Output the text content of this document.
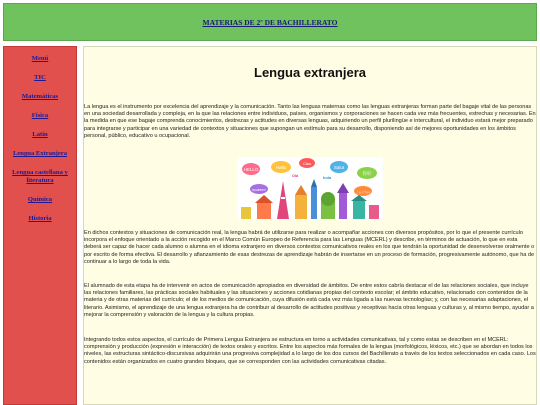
MATERIAS DE 2º DE BACHILLERATO
Menú
TIC
Matemáticas
Física
Latín
Lengua Extranjera
Lengua castellana y literatura
Química
Historia
Lengua extranjera

La lengua es el instrumento por excelencia del aprendizaje y la comunicación. Tanto las lenguas maternas como las lenguas extranjeras forman parte del bagaje vital de las personas en una sociedad desarrollada y compleja, en la que las relaciones entre individuos, países, organismos y corporaciones se hacen cada vez más frecuentes, estrechas y necesarias. En la medida en que ese bagaje comprenda conocimientos, destrezas y actitudes en diversas lenguas, adquiriendo un perfil plurilingüe e intercultural, el individuo estará mejor preparado para integrarse y participar en una variedad de contextos y situaciones que supongan un estímulo para su desarrollo, disponiendo así de mejores oportunidades en los ámbitos personal, público, educativo u ocupacional.

HELLO	Hallo
Ciao
Salut
你好
привет	こんにちは
Olá	hola

En dichos contextos y situaciones de comunicación real, la lengua habrá de utilizarse para realizar o acompañar acciones con diversos propósitos, por lo que el presente currículo incorpora el enfoque orientado a la acción recogido en el Marco Común Europeo de Referencia para las Lenguas (MCERL) y describe, en términos de actuación, lo que en esta deberá ser capaz de hacer cada alumno o alumna en el idioma extranjero en diversos contextos comunicativos reales en los que tendrán la oportunidad de desenvolverse oralmente o por escrito de forma efectiva. El desarrollo y afianzamiento de esas destrezas de aprendizaje habrán de insertarse en un proceso de formación, progresivamente autónomo, que ha de continuar a lo largo de toda la vida.

El alumnado de esta etapa ha de intervenir en actos de comunicación apropiados en diversidad de ámbitos. De entre estos cabría destacar el de las relaciones sociales, que incluye las relaciones familiares, las prácticas sociales habituales y las situaciones y acciones cotidianas propias del contexto escolar; el ámbito educativo, relacionado con contenidos de la materia y de otras materias del currículo; el de los medios de comunicación, cuya difusión está cada vez más ligada a las nuevas tecnologías; y, con las necesarias adaptaciones, el literario. Asimismo, el aprendizaje de una lengua extranjera ha de contribuir al desarrollo de actitudes positivas y receptivas hacia otras lenguas y culturas y, al mismo tiempo, ayudar a mejorar la comprensión y valoración de la lengua y la cultura propias.

Integrando todos estos aspectos, el currículo de Primera Lengua Extranjera se estructura en torno a actividades comunicativas, tal y como estas se describen en el MCERL: comprensión y producción (expresión e interacción) de textos orales y escritos. Entre los aspectos más formales de la lengua (morfológicos, léxicos, etc.) que se abordan en todos los niveles, las estructuras sintáctico-discursivas adquirirán una progresiva complejidad a lo largo de los dos cursos del Bachillerato a través de los textos seleccionados en cada caso. Los contenidos están organizados en cuatro grandes bloques, que se corresponden con las actividades comunicativas citadas.
